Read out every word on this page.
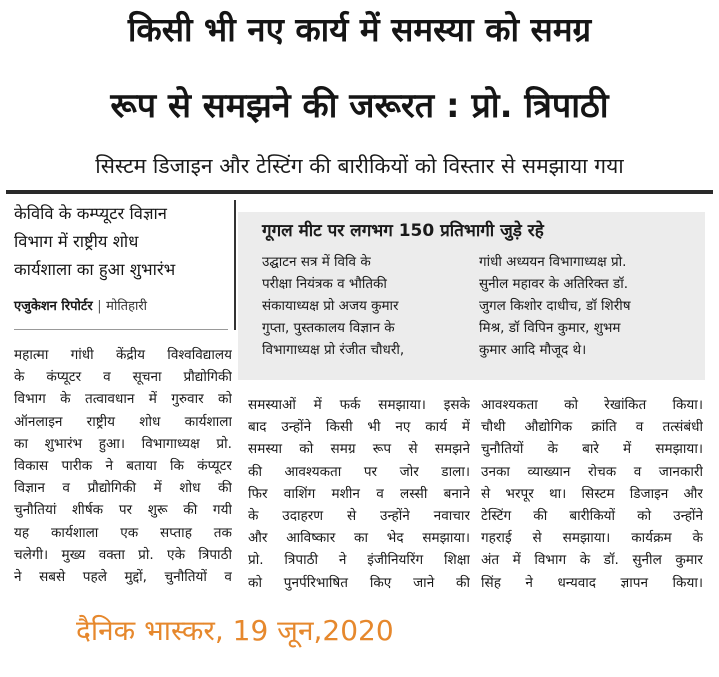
किसी भी नए कार्य में समस्या को समग्र
रूप से समझने की जरूरत : प्रो. त्रिपाठी
सिस्टम डिजाइन और टेस्टिंग की बारीकियों को विस्तार से समझाया गया
केविवि के कम्प्यूटर विज्ञान
विभाग में राष्ट्रीय शोध
कार्यशाला का हुआ शुभारंभ
एजुकेशन रिपोर्टर | मोतिहारी
गूगल मीट पर लगभग 150 प्रतिभागी जुड़े रहे
उद्घाटन सत्र में विवि के
परीक्षा नियंत्रक व भौतिकी
संकायाध्यक्ष प्रो अजय कुमार
गुप्ता, पुस्तकालय विज्ञान के
विभागाध्यक्ष प्रो रंजीत चौधरी,
गांधी अध्ययन विभागाध्यक्ष प्रो.
सुनील महावर के अतिरिक्त डॉ.
जुगल किशोर दाधीच, डॉ शिरीष
मिश्र, डॉ विपिन कुमार, शुभम
कुमार आदि मौजूद थे।
महात्मा गांधी केंद्रीय विश्वविद्यालय
के कंप्यूटर व सूचना प्रौद्योगिकी
विभाग के तत्वावधान में गुरुवार को
ऑनलाइन राष्ट्रीय शोध कार्यशाला
का शुभारंभ हुआ। विभागाध्यक्ष प्रो.
विकास पारीक ने बताया कि कंप्यूटर
विज्ञान व प्रौद्योगिकी में शोध की
चुनौतियां शीर्षक पर शुरू की गयी
यह कार्यशाला एक सप्ताह तक
चलेगी। मुख्य वक्ता प्रो. एके त्रिपाठी
ने सबसे पहले मुद्दों, चुनौतियों व
समस्याओं में फर्क समझाया। इसके
बाद उन्होंने किसी भी नए कार्य में
समस्या को समग्र रूप से समझने
की आवश्यकता पर जोर डाला।
फिर वाशिंग मशीन व लस्सी बनाने
के उदाहरण से उन्होंने नवाचार
और आविष्कार का भेद समझाया।
प्रो. त्रिपाठी ने इंजीनियरिंग शिक्षा
को पुनर्परिभाषित किए जाने की
आवश्यकता को रेखांकित किया।
चौथी औद्योगिक क्रांति व तत्संबंधी
चुनौतियों के बारे में समझाया।
उनका व्याख्यान रोचक व जानकारी
से भरपूर था। सिस्टम डिजाइन और
टेस्टिंग की बारीकियों को उन्होंने
गहराई से समझाया। कार्यक्रम के
अंत में विभाग के डॉ. सुनील कुमार
सिंह ने धन्यवाद ज्ञापन किया।
दैनिक भास्कर, 19 जून,2020
